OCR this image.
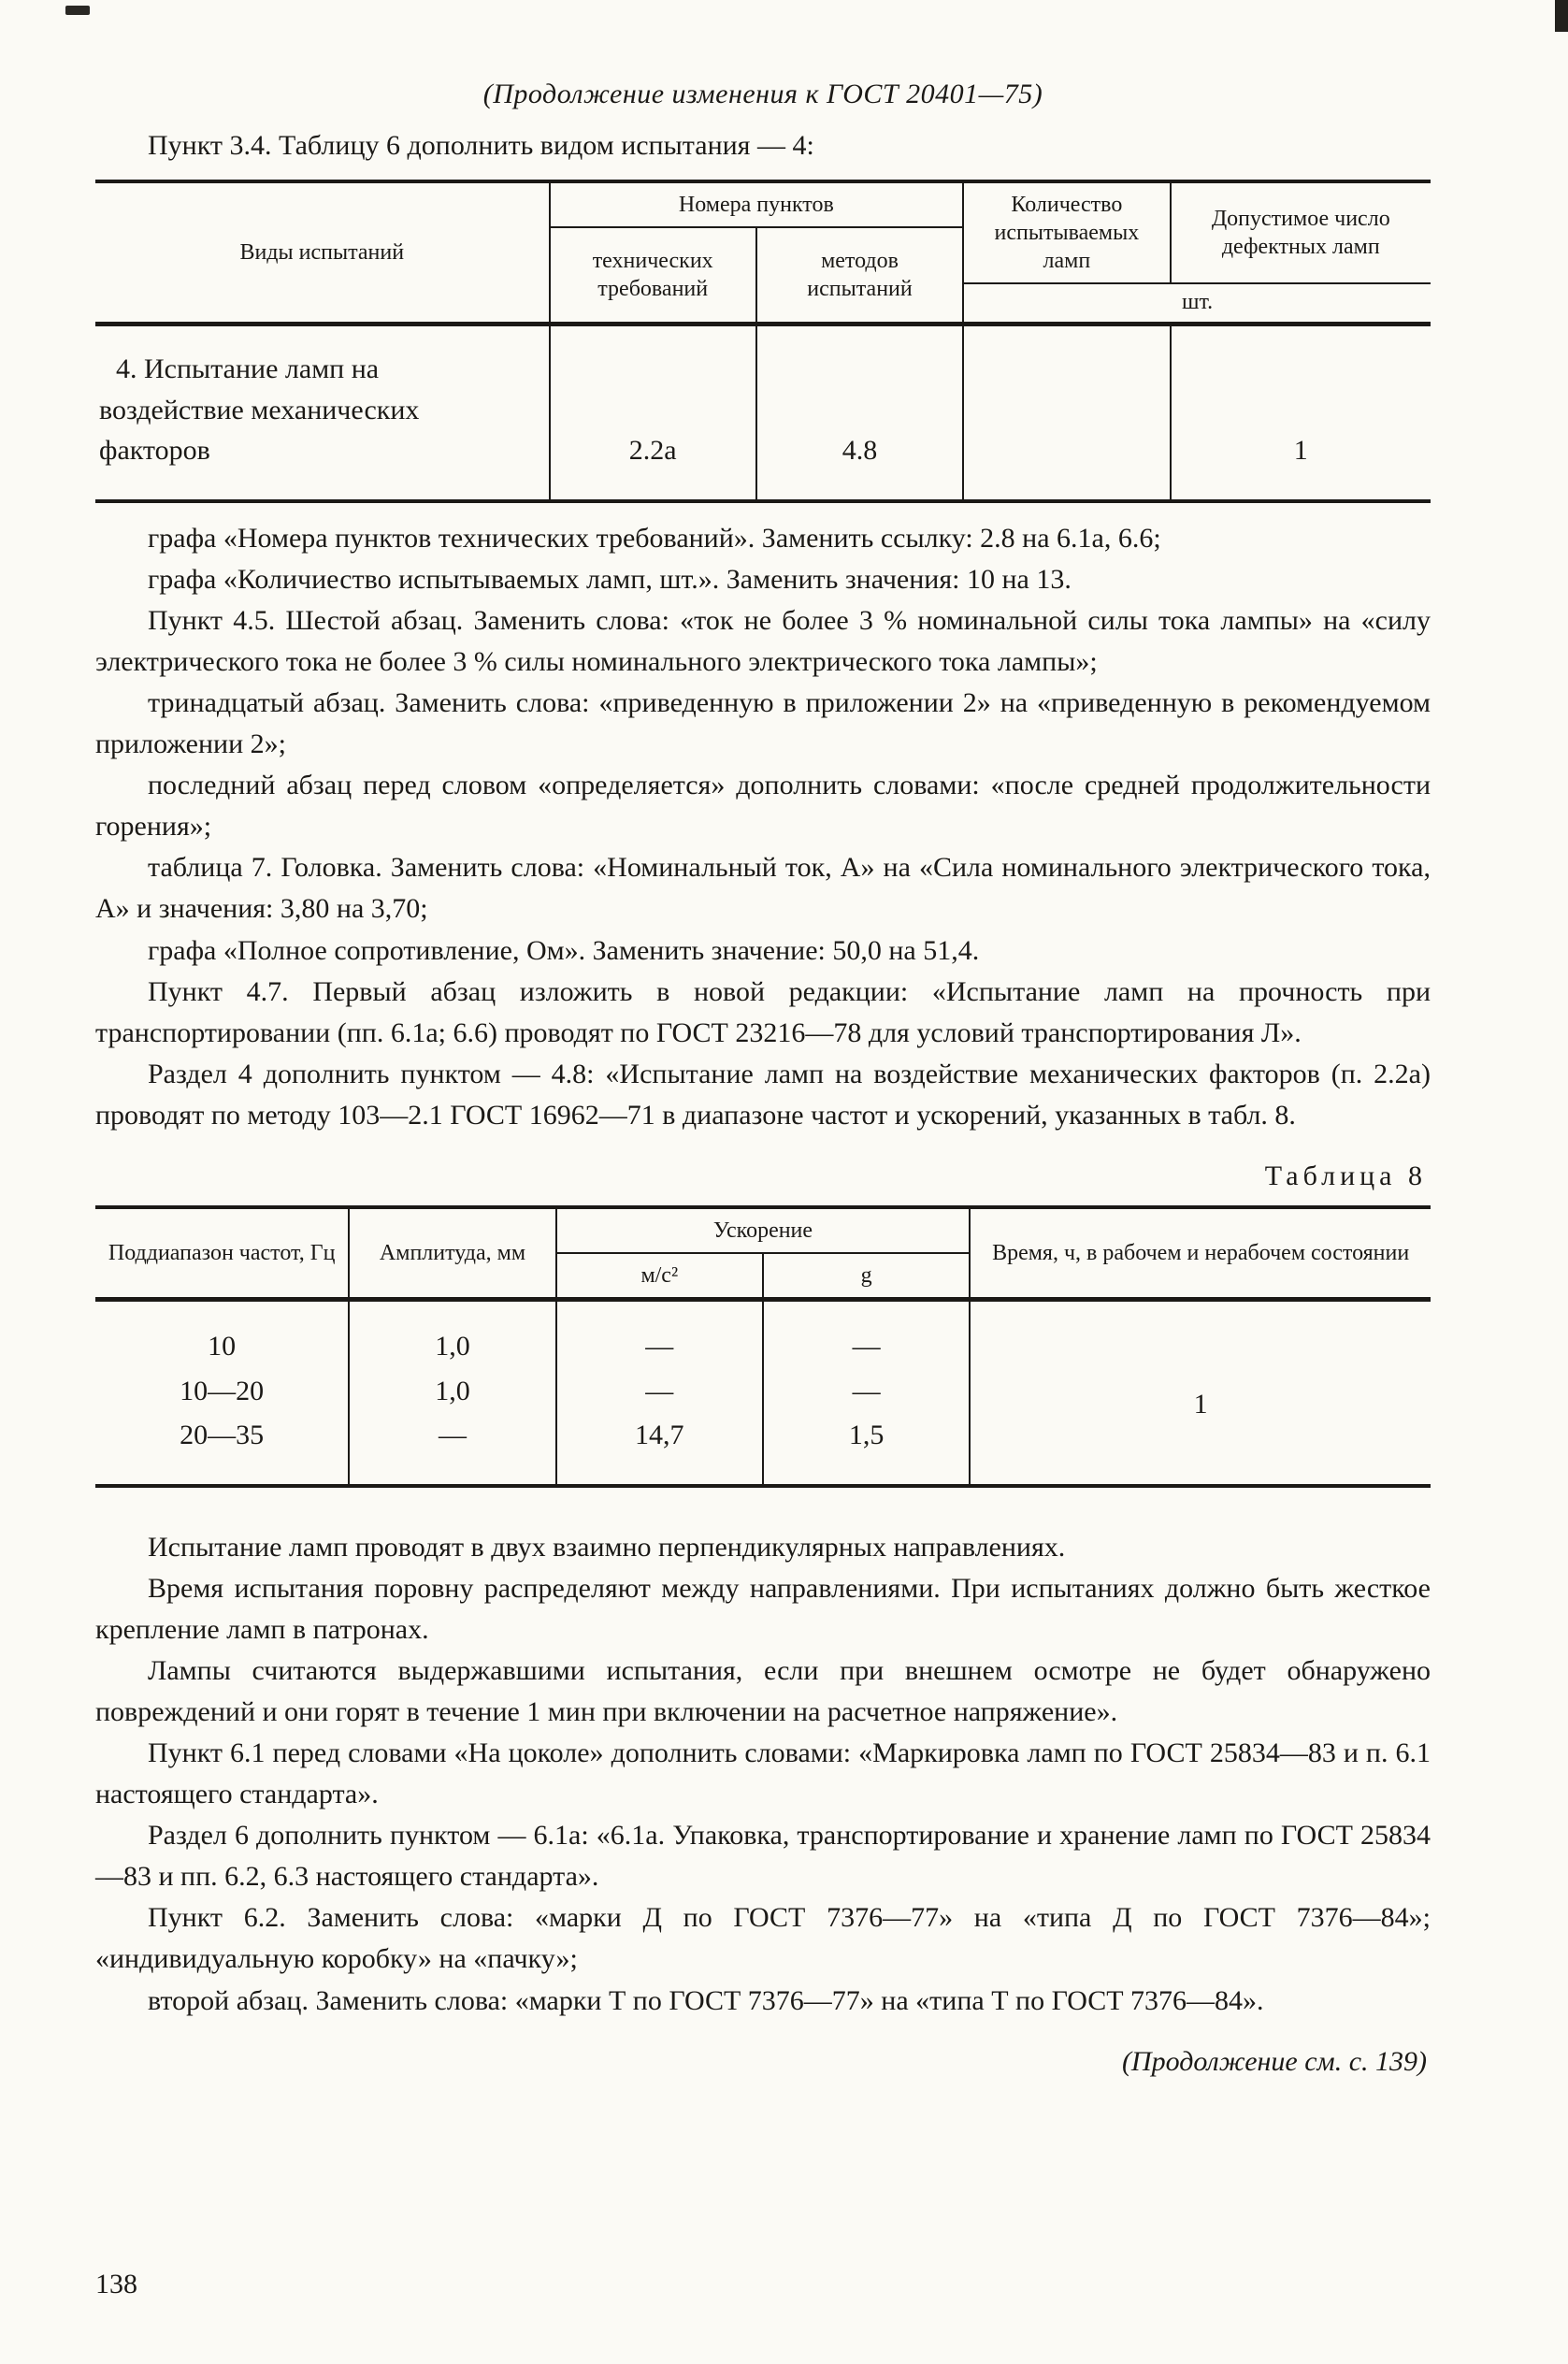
(Продолжение изменения к ГОСТ 20401—75)

Пункт 3.4. Таблицу 6 дополнить видом испытания — 4:

Виды испытаний	Номера пунктов		Количество испытываемых ламп	Допустимое число дефектных ламп
	технических требований	методов испытаний		
			шт.	
4. Испытание ламп на воздействие механических факторов	2.2а	4.8		1

графа «Номера пунктов технических требований». Заменить ссылку: 2.8 на 6.1а, 6.6;

графа «Количиество испытываемых ламп, шт.». Заменить значения: 10 на 13.

Пункт 4.5. Шестой абзац. Заменить слова: «ток не более 3 % номинальной силы тока лампы» на «силу электрического тока не более 3 % силы номинального электрического тока лампы»;

тринадцатый абзац. Заменить слова: «приведенную в приложении 2» на «приведенную в рекомендуемом приложении 2»;

последний абзац перед словом «определяется» дополнить словами: «после средней продолжительности горения»;

таблица 7. Головка. Заменить слова: «Номинальный ток, А» на «Сила номинального электрического тока, А» и значения: 3,80 на 3,70;

графа «Полное сопротивление, Ом». Заменить значение: 50,0 на 51,4.

Пункт 4.7. Первый абзац изложить в новой редакции: «Испытание ламп на прочность при транспортировании (пп. 6.1а; 6.6) проводят по ГОСТ 23216—78 для условий транспортирования Л».

Раздел 4 дополнить пунктом — 4.8: «Испытание ламп на воздействие механических факторов (п. 2.2а) проводят по методу 103—2.1 ГОСТ 16962—71 в диапазоне частот и ускорений, указанных в табл. 8.

Таблица 8
Поддиапазон частот, Гц	Амплитуда, мм	Ускорение		Время, ч, в рабочем и нерабочем состоянии
		м/с²	g	
10	1,0	—	—	1
10—20	1,0	—	—	
20—35	—	14,7	1,5	

Испытание ламп проводят в двух взаимно перпендикулярных направлениях.

Время испытания поровну распределяют между направлениями. При испытаниях должно быть жесткое крепление ламп в патронах.

Лампы считаются выдержавшими испытания, если при внешнем осмотре не будет обнаружено повреждений и они горят в течение 1 мин при включении на расчетное напряжение».

Пункт 6.1 перед словами «На цоколе» дополнить словами: «Маркировка ламп по ГОСТ 25834—83 и п. 6.1 настоящего стандарта».

Раздел 6 дополнить пунктом — 6.1а: «6.1а. Упаковка, транспортирование и хранение ламп по ГОСТ 25834—83 и пп. 6.2, 6.3 настоящего стандарта».

Пункт 6.2. Заменить слова: «марки Д по ГОСТ 7376—77» на «типа Д по ГОСТ 7376—84»; «индивидуальную коробку» на «пачку»;

второй абзац. Заменить слова: «марки Т по ГОСТ 7376—77» на «типа Т по ГОСТ 7376—84».

(Продолжение см. с. 139)
138
